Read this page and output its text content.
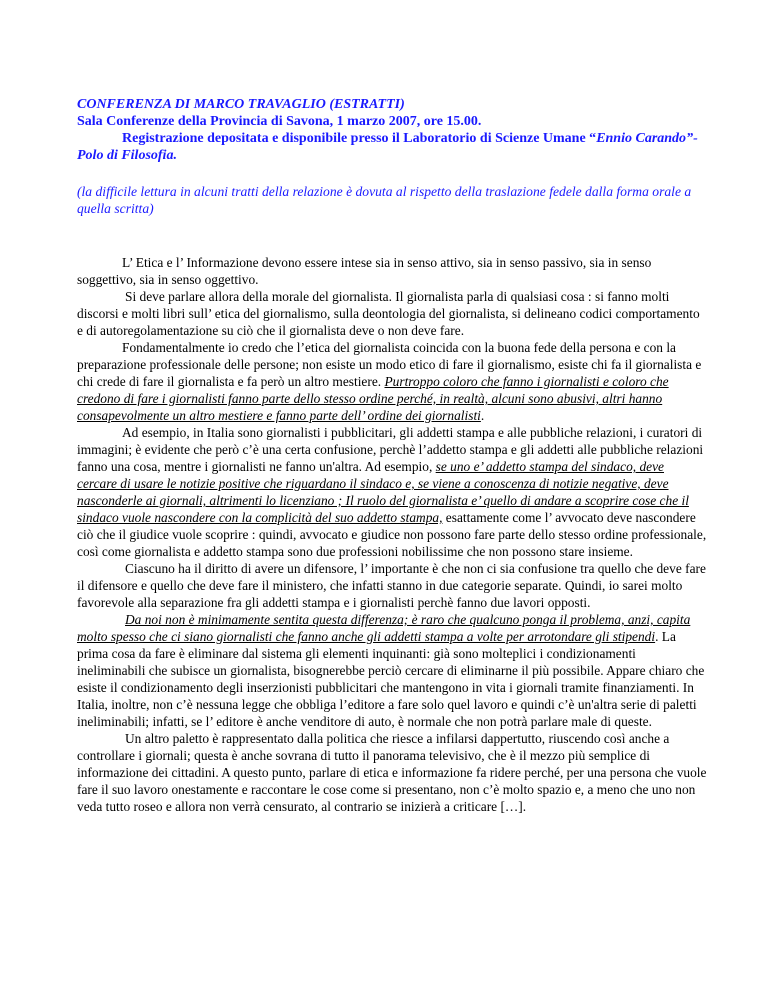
CONFERENZA DI MARCO TRAVAGLIO (ESTRATTI)

Sala Conferenze della Provincia di Savona, 1 marzo 2007, ore 15.00.

Registrazione depositata e disponibile presso il Laboratorio di Scienze Umane “Ennio Carando”-Polo di Filosofia.

(la difficile lettura in alcuni tratti della relazione è dovuta al rispetto della traslazione fedele dalla forma orale a quella scritta)

L’ Etica e l’ Informazione devono essere intese sia in senso attivo, sia in senso passivo, sia in senso soggettivo, sia in senso oggettivo.

Si deve parlare allora della morale del giornalista. Il giornalista parla di qualsiasi cosa : si fanno molti discorsi e molti libri sull’ etica del giornalismo, sulla deontologia del giornalista, si delineano codici comportamento e di autoregolamentazione su ciò che il giornalista deve o non deve fare.

Fondamentalmente io credo che l’etica del giornalista coincida con la buona fede della persona e con la preparazione professionale delle persone; non esiste un modo etico di fare il giornalismo, esiste chi fa il giornalista e chi crede di fare il giornalista e fa però un altro mestiere. Purtroppo coloro che fanno i giornalisti e coloro che credono di fare i giornalisti fanno parte dello stesso ordine perché, in realtà, alcuni sono abusivi, altri hanno consapevolmente un altro mestiere e fanno parte dell’ ordine dei giornalisti.

Ad esempio, in Italia sono giornalisti i pubblicitari, gli addetti stampa e alle pubbliche relazioni, i curatori di immagini; è evidente che però c’è una certa confusione, perchè l’addetto stampa e gli addetti alle pubbliche relazioni fanno una cosa, mentre i giornalisti ne fanno un'altra. Ad esempio, se uno e’ addetto stampa del sindaco, deve cercare di usare le notizie positive che riguardano il sindaco e, se viene a conoscenza di notizie negative, deve nasconderle ai giornali, altrimenti lo licenziano ; Il ruolo del giornalista e’ quello di andare a scoprire cose che il sindaco vuole nascondere con la complicità del suo addetto stampa, esattamente come l’ avvocato deve nascondere ciò che il giudice vuole scoprire : quindi, avvocato e giudice non possono fare parte dello stesso ordine professionale, così come giornalista e addetto stampa sono due professioni nobilissime che non possono stare insieme.

Ciascuno ha il diritto di avere un difensore, l’ importante è che non ci sia confusione tra quello che deve fare il difensore e quello che deve fare il ministero, che infatti stanno in due categorie separate. Quindi, io sarei molto favorevole alla separazione fra gli addetti stampa e i giornalisti perchè fanno due lavori opposti.

Da noi non è minimamente sentita questa differenza; è raro che qualcuno ponga il problema, anzi, capita molto spesso che ci siano giornalisti che fanno anche gli addetti stampa a volte per arrotondare gli stipendi. La prima cosa da fare è eliminare dal sistema gli elementi inquinanti: già sono molteplici i condizionamenti ineliminabili che subisce un giornalista, bisognerebbe perciò cercare di eliminarne il più possibile. Appare chiaro che esiste il condizionamento degli inserzionisti pubblicitari che mantengono in vita i giornali tramite finanziamenti. In Italia, inoltre, non c’è nessuna legge che obbliga l’editore a fare solo quel lavoro e quindi c’è un'altra serie di paletti ineliminabili; infatti, se l’ editore è anche venditore di auto, è normale che non potrà parlare male di queste.

Un altro paletto è rappresentato dalla politica che riesce a infilarsi dappertutto, riuscendo così anche a controllare i giornali; questa è anche sovrana di tutto il panorama televisivo, che è il mezzo più semplice di informazione dei cittadini. A questo punto, parlare di etica e informazione fa ridere perché, per una persona che vuole fare il suo lavoro onestamente e raccontare le cose come si presentano, non c’è molto spazio e, a meno che uno non veda tutto roseo e allora non verrà censurato, al contrario se inizierà a criticare […].
